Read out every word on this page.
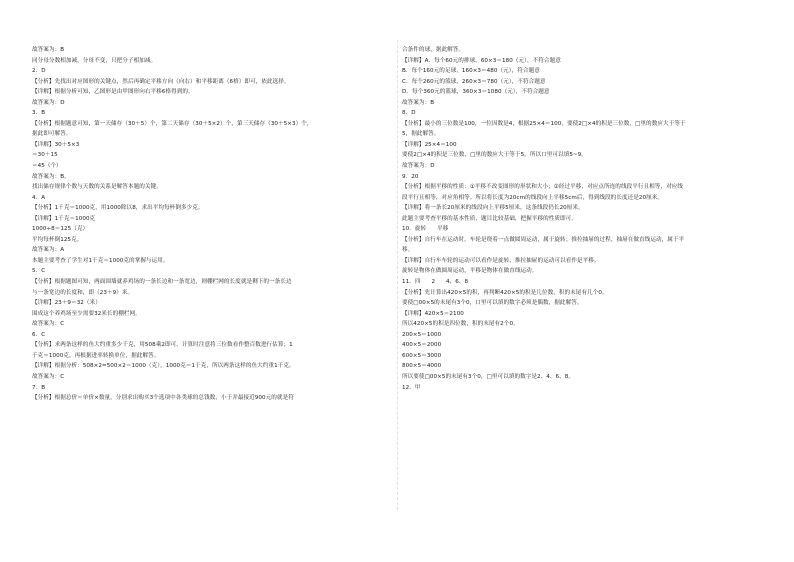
故答案为：B
同分母分数相加减，分母不变，只把分子相加减。
2．D
【分析】先找出对应图形的关键点，然后再确定平移方向（向右）和平移距离（6格）即可，依此选择。
【详解】根据分析可知，乙图形是由甲图形向右平移6格得到的。
故答案为：D
3．B
【分析】根据题意可知，第一天储存（30＋5）个，第二天储存（30＋5×2）个，第三天储存（30＋5×3）个，
据此即可解答。
【详解】30＋5×3
＝30＋15
＝45（个）
故答案为：B。
找出储存规律个数与天数的关系是解答本题的关键。
4．A
【分析】1千克＝1000克，用1000除以8，求出平均每杯倒多少克。
【详解】1千克＝1000克
1000÷8＝125（克）
平均每杯倒125克。
故答案为：A
本题主要考查了学生对1千克＝1000克的掌握与运用。
5．C
【分析】根据题图可知，两面围墙就养鸡场的一条长边和一条宽边，则棚栏网的长度就是剩下的一条长边
与一条宽边的长度和，即（23＋9）米。
【详解】23＋9＝32（米）
围成这个养鸡场至少需要32米长的棚栏网。
故答案为：C
6．C
【分析】求两条这样的鱼大约重多少千克，用508乘2即可，计算时注意将三位数看作整百数进行估算；1
千克＝1000克，再根据进率转换单位，据此解答。
【详解】根据分析：508×2≈500×2＝1000（克），1000克＝1千克，所以两条这样的鱼大约重1千克。
故答案为：C
7．B
【分析】根据总价＝单价×数量，分别求出购买3个选项中各类球的总钱数，小于并最接近900元的就是符
合条件的球，据此解答。
【详解】A．每个60元的排球，60×3＝180（元），不符合题意
B．每个160元的足球，160×3＝480（元），符合题意
C．每个260元的篮球，260×3＝780（元），不符合题意
D．每个360元的篮球，360×3＝1080（元），不符合题意
故答案为：B
8．D
【分析】最小的三位数是100，一位因数是4，根据25×4＝100，要使2□×4的积是三位数，□里的数应大于等于
5，据此解答。
【详解】25×4＝100
要使2□×4的积是三位数，□里的数应大于等于5，所以口里可以填5~9。
故答案为：D
9．20
【分析】根据平移的性质：①平移不改变图形的形状和大小；②经过平移，对应点所连的线段平行且相等，对应线
段平行且相等，对应角相等。所以将长度为20cm的线段向上平移5cm后，得到线段的长度还是20厘米。
【详解】将一条长20厘米的线段向上平移5厘米，这条线段仍长20厘米。
此题主要考查平移的基本性质，题目比较基础，把握平移的性质即可。
10．旋转      平移
【分析】自行车在运动时，车轮是绕着一点做圆周运动，属于旋转；推拉抽屉的过程，抽屉在做直线运动，属于平
移。
【详解】自行车车轮的运动可以看作是旋转，推拉抽屉的运动可以看作是平移。
旋转是物体在做圆周运动，平移是物体在做直线运动。
11．四      2      4、6、8
【分析】先计算出420×5的积，再判断420×5的积是几位数，积的末尾有几个0。
要使□00×5的末尾有3个0，口里可以填的数字必须是偶数，据此解答。
【详解】420×5＝2100
所以420×5的积是四位数，积的末尾有2个0。
200×5＝1000
400×5＝2000
600×5＝3000
800×5＝4000
所以要使□00×5的末尾有3个0，□里可以填的数字是2、4、6、8。
12．甲
